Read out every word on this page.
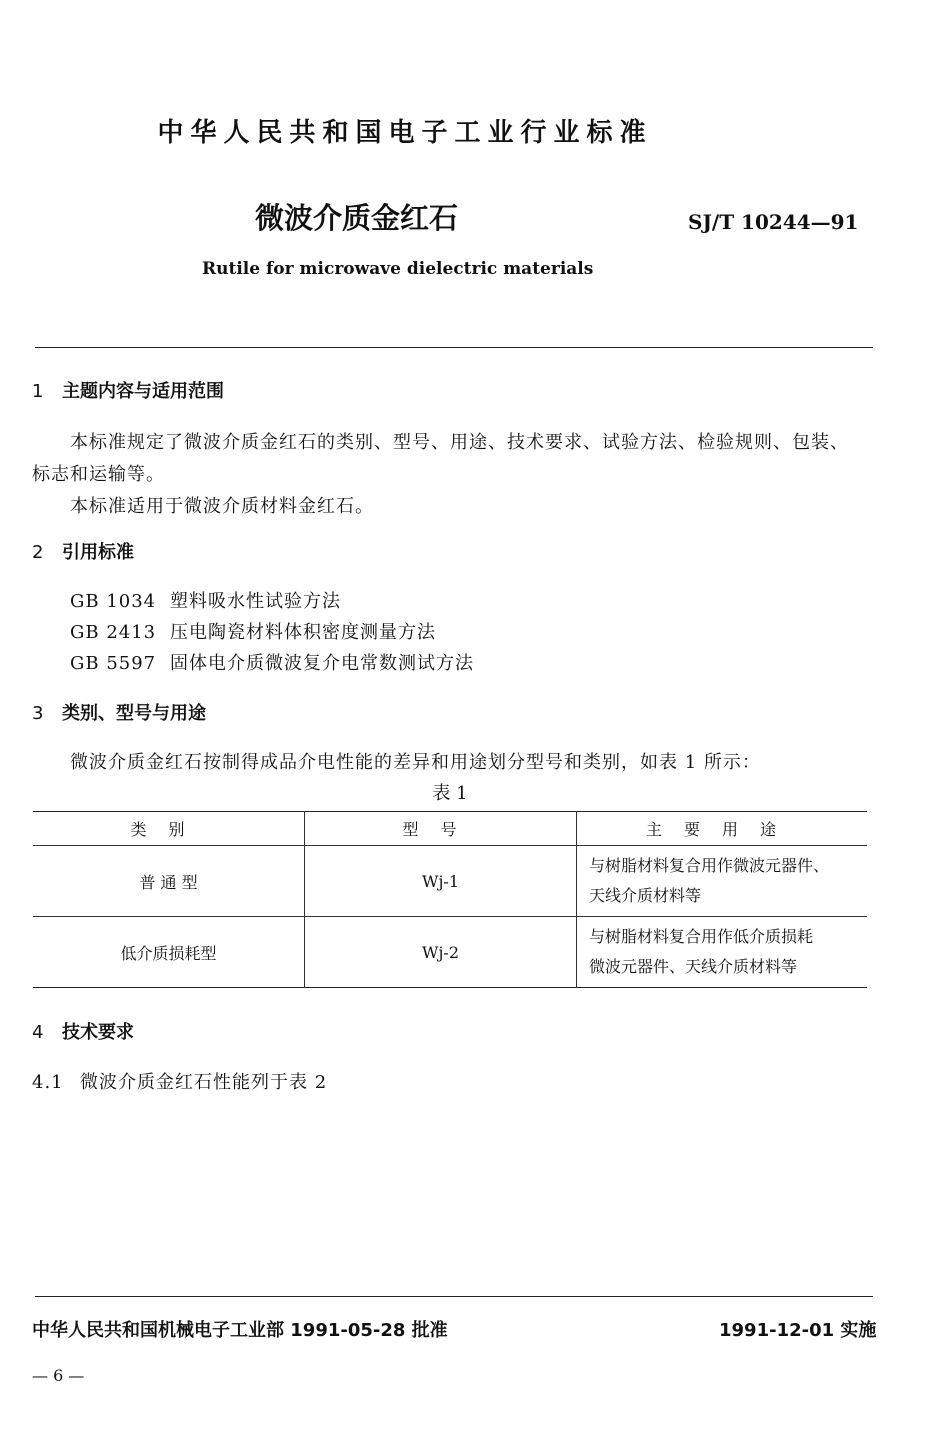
中华人民共和国电子工业行业标准
微波介质金红石	SJ/T 10244—91
Rutile for microwave dielectric materials
1 主题内容与适用范围
本标准规定了微波介质金红石的类别、型号、用途、技术要求、试验方法、检验规则、包装、
标志和运输等。
本标准适用于微波介质材料金红石。
2 引用标准
GB 1034 塑料吸水性试验方法
GB 2413 压电陶瓷材料体积密度测量方法
GB 5597 固体电介质微波复介电常数测试方法
3 类别、型号与用途
微波介质金红石按制得成品介电性能的差异和用途划分型号和类别，如表 1 所示：
表 1
类别	型号	主要用途
普 通 型	Wj-1	与树脂材料复合用作微波元器件、
天线介质材料等

低介质损耗型	Wj-2	与树脂材料复合用作低介质损耗
微波元器件、天线介质材料等
4 技术要求
4.1 微波介质金红石性能列于表 2
中华人民共和国机械电子工业部 1991-05-28 批准	1991-12-01 实施
— 6 —
